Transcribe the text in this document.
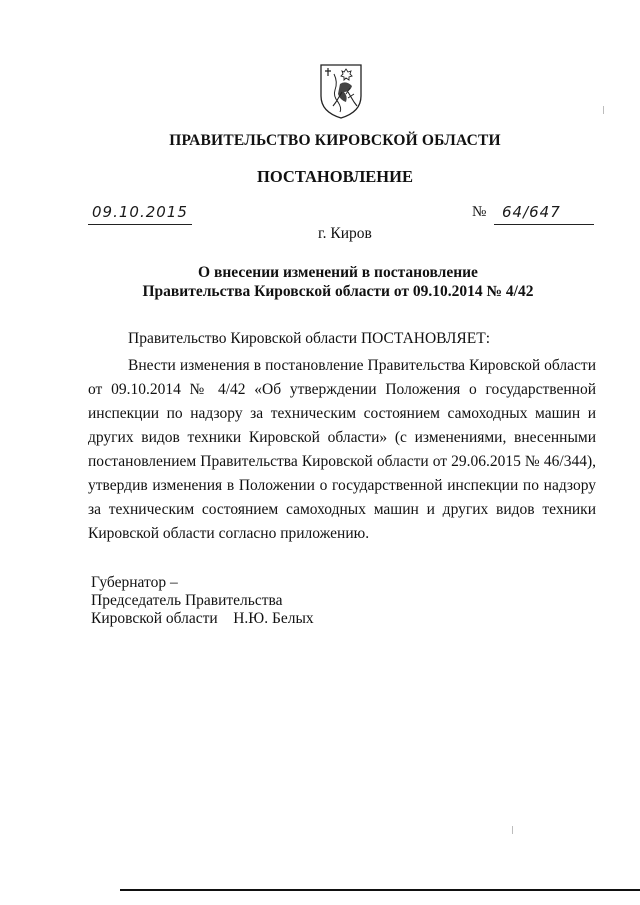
ПРАВИТЕЛЬСТВО КИРОВСКОЙ ОБЛАСТИ
ПОСТАНОВЛЕНИЕ
09.10.2015	№ 64/647
г. Киров
О внесении изменений в постановление
Правительства Кировской области от 09.10.2014 № 4/42
Правительство Кировской области ПОСТАНОВЛЯЕТ:

Внести изменения в постановление Правительства Кировской области от 09.10.2014 № 4/42 «Об утверждении Положения о государственной инспекции по надзору за техническим состоянием самоходных машин и других видов техники Кировской области» (с изменениями, внесенными постановлением Правительства Кировской области от 29.06.2015 № 46/344), утвердив изменения в Положении о государственной инспекции по надзору за техническим состоянием самоходных машин и других видов техники Кировской области согласно приложению.

Губернатор –
Председатель Правительства
Кировской области    Н.Ю. Белых
